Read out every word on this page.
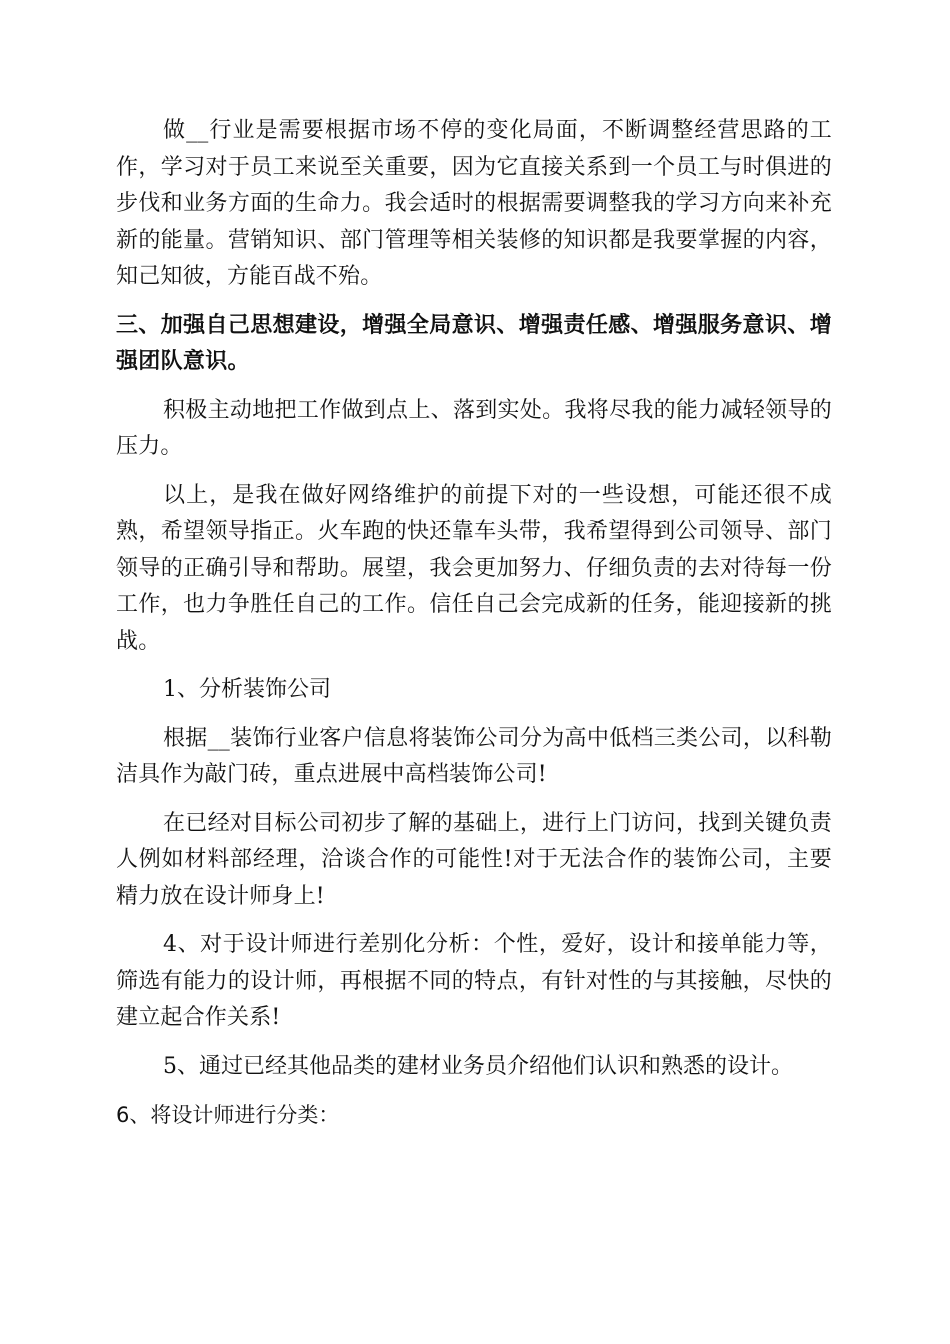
做__行业是需要根据市场不停的变化局面，不断调整经营思路的工作，学习对于员工来说至关重要，因为它直接关系到一个员工与时俱进的步伐和业务方面的生命力。我会适时的根据需要调整我的学习方向来补充新的能量。营销知识、部门管理等相关装修的知识都是我要掌握的内容，知己知彼，方能百战不殆。

三、加强自己思想建设，增强全局意识、增强责任感、增强服务意识、增强团队意识。

积极主动地把工作做到点上、落到实处。我将尽我的能力减轻领导的压力。

以上，是我在做好网络维护的前提下对的一些设想，可能还很不成熟，希望领导指正。火车跑的快还靠车头带，我希望得到公司领导、部门领导的正确引导和帮助。展望，我会更加努力、仔细负责的去对待每一份工作，也力争胜任自己的工作。信任自己会完成新的任务，能迎接新的挑战。

1、分析装饰公司

根据__装饰行业客户信息将装饰公司分为高中低档三类公司，以科勒洁具作为敲门砖，重点进展中高档装饰公司!

在已经对目标公司初步了解的基础上，进行上门访问，找到关键负责人例如材料部经理，洽谈合作的可能性!对于无法合作的装饰公司，主要精力放在设计师身上!

4、对于设计师进行差别化分析：个性，爱好，设计和接单能力等，筛选有能力的设计师，再根据不同的特点，有针对性的与其接触，尽快的建立起合作关系!

5、通过已经其他品类的建材业务员介绍他们认识和熟悉的设计。

6、将设计师进行分类：
